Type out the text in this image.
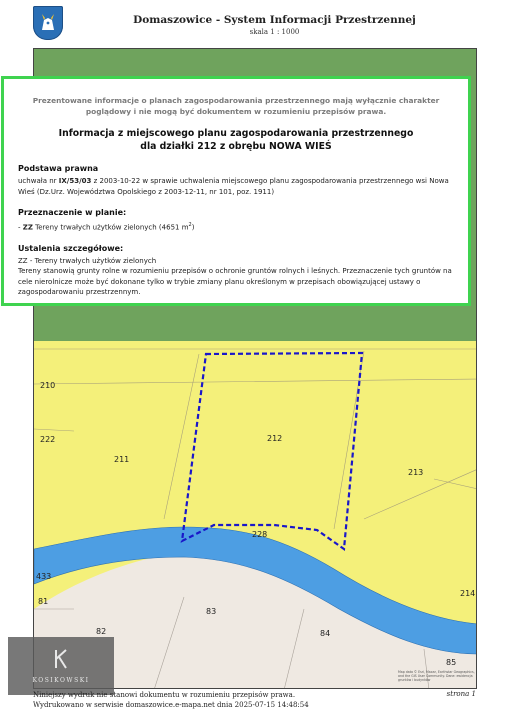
Domaszowice - System Informacji Przestrzennej
skala 1 : 1000
210
222
211
212
213
228
433
81
82
83
84
214
85
Prezentowane informacje o planach zagospodarowania przestrzennego mają wyłącznie charakter poglądowy i nie mogą być dokumentem w rozumieniu przepisów prawa.
Informacja z miejscowego planu zagospodarowania przestrzennego
dla działki 212 z obrębu NOWA WIEŚ
Podstawa prawna
uchwała nr IX/53/03 z 2003-10-22 w sprawie uchwalenia miejscowego planu zagospodarowania przestrzennego wsi Nowa Wieś (Dz.Urz. Województwa Opolskiego z 2003-12-11, nr 101, poz. 1911)
Przeznaczenie w planie:
- ZZ Tereny trwałych użytków zielonych (4651 $m^2$)
Ustalenia szczegółowe:
ZZ - Tereny trwałych użytków zielonych
Tereny stanowią grunty rolne w rozumieniu przepisów o ochronie gruntów rolnych i leśnych. Przeznaczenie tych gruntów na cele nierolnicze może być dokonane tylko w trybie zmiany planu określonym w przepisach obowiązującej ustawy o zagospodarowaniu przestrzennym.
KOSIKOWSKI
Map data © Esri, Maxar, Earthstar Geographics, and the GIS User Community. Dane: ewidencja gruntów i budynków
Niniejszy wydruk nie stanowi dokumentu w rozumieniu przepisów prawa.
Wydrukowano w serwisie domaszowice.e-mapa.net dnia 2025-07-15 14:48:54
strona 1
